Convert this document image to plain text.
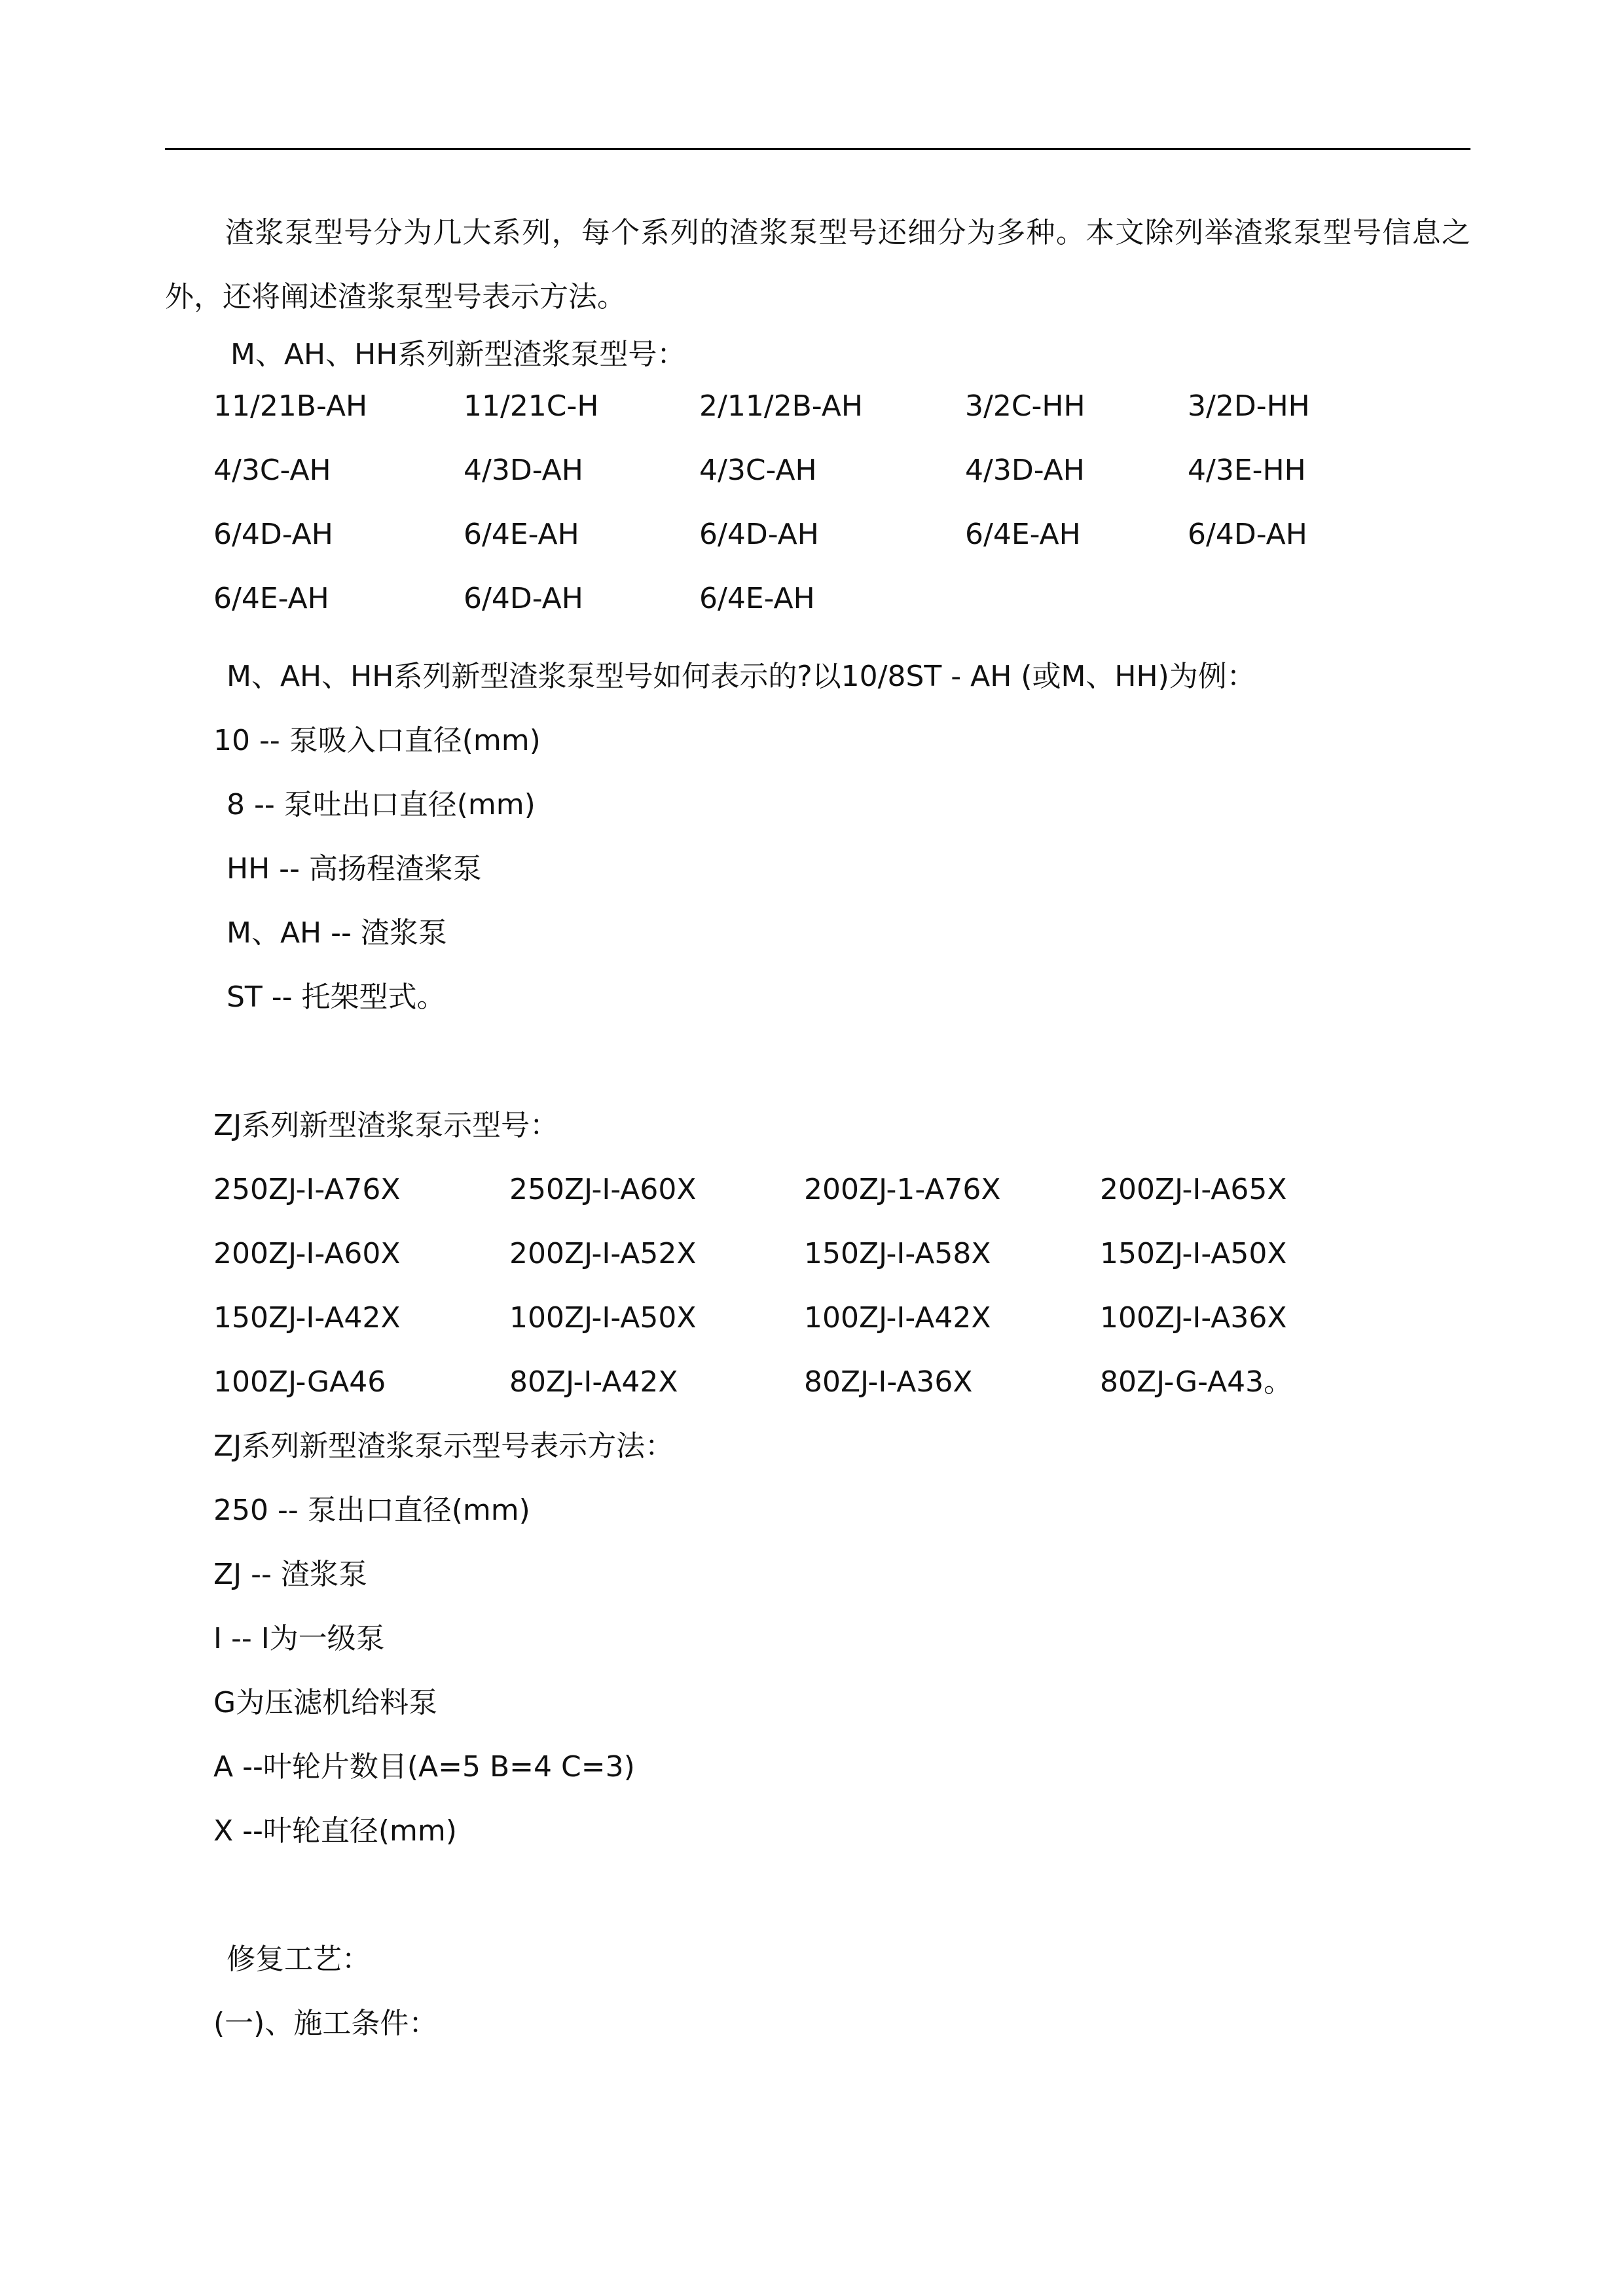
渣浆泵型号分为几大系列，每个系列的渣浆泵型号还细分为多种。本文除列举渣浆泵型号信息之外，还将阐述渣浆泵型号表示方法。
M、AH、HH系列新型渣浆泵型号：
11/21B-AH	11/21C-H	2/11/2B-AH	3/2C-HH	3/2D-HH
4/3C-AH	4/3D-AH	4/3C-AH	4/3D-AH	4/3E-HH
6/4D-AH	6/4E-AH	6/4D-AH	6/4E-AH	6/4D-AH
6/4E-AH	6/4D-AH	6/4E-AH
M、AH、HH系列新型渣浆泵型号如何表示的?以10/8ST - AH (或M、HH)为例：
10 -- 泵吸入口直径(mm)
8 -- 泵吐出口直径(mm)
HH -- 高扬程渣桨泵
M、AH -- 渣浆泵
ST -- 托架型式。
ZJ系列新型渣浆泵示型号：
250ZJ-I-A76X	250ZJ-I-A60X	200ZJ-1-A76X	200ZJ-I-A65X
200ZJ-I-A60X	200ZJ-I-A52X	150ZJ-I-A58X	150ZJ-I-A50X
150ZJ-I-A42X	100ZJ-I-A50X	100ZJ-I-A42X	100ZJ-I-A36X
100ZJ-GA46	80ZJ-I-A42X	80ZJ-I-A36X	80ZJ-G-A43。
ZJ系列新型渣浆泵示型号表示方法：
250 -- 泵出口直径(mm)
ZJ -- 渣浆泵
I -- I为一级泵
G为压滤机给料泵
A --叶轮片数目(A=5 B=4 C=3)
X --叶轮直径(mm)
修复工艺：
(一)、施工条件：
